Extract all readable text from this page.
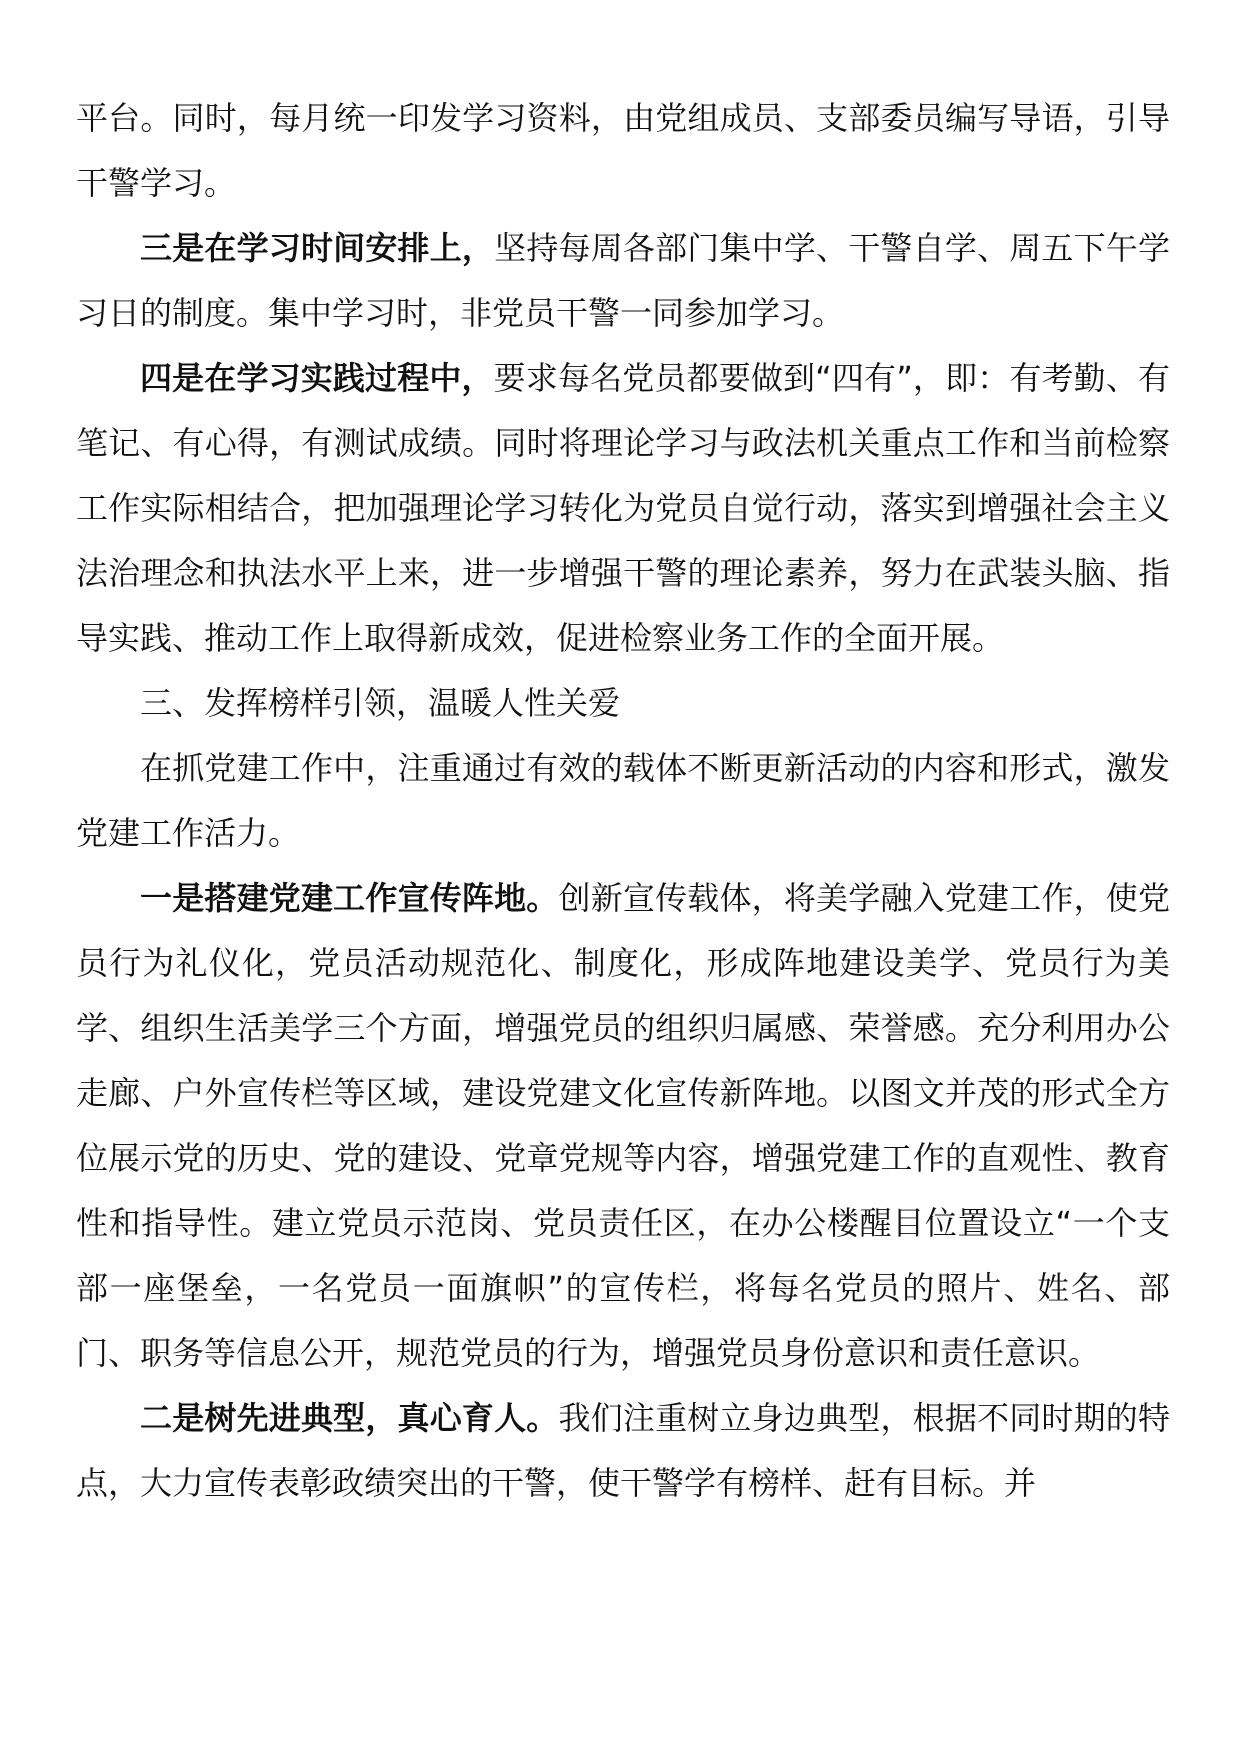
平台。同时，每月统一印发学习资料，由党组成员、支部委员编写导语，引导干警学习。

三是在学习时间安排上，坚持每周各部门集中学、干警自学、周五下午学习日的制度。集中学习时，非党员干警一同参加学习。

四是在学习实践过程中，要求每名党员都要做到“四有”，即：有考勤、有笔记、有心得，有测试成绩。同时将理论学习与政法机关重点工作和当前检察工作实际相结合，把加强理论学习转化为党员自觉行动，落实到增强社会主义法治理念和执法水平上来，进一步增强干警的理论素养，努力在武装头脑、指导实践、推动工作上取得新成效，促进检察业务工作的全面开展。

三、发挥榜样引领，温暖人性关爱

在抓党建工作中，注重通过有效的载体不断更新活动的内容和形式，激发党建工作活力。

一是搭建党建工作宣传阵地。创新宣传载体，将美学融入党建工作，使党员行为礼仪化，党员活动规范化、制度化，形成阵地建设美学、党员行为美学、组织生活美学三个方面，增强党员的组织归属感、荣誉感。充分利用办公走廊、户外宣传栏等区域，建设党建文化宣传新阵地。以图文并茂的形式全方位展示党的历史、党的建设、党章党规等内容，增强党建工作的直观性、教育性和指导性。建立党员示范岗、党员责任区，在办公楼醒目位置设立“一个支部一座堡垒，一名党员一面旗帜”的宣传栏，将每名党员的照片、姓名、部门、职务等信息公开，规范党员的行为，增强党员身份意识和责任意识。

二是树先进典型，真心育人。我们注重树立身边典型，根据不同时期的特点，大力宣传表彰政绩突出的干警，使干警学有榜样、赶有目标。并
